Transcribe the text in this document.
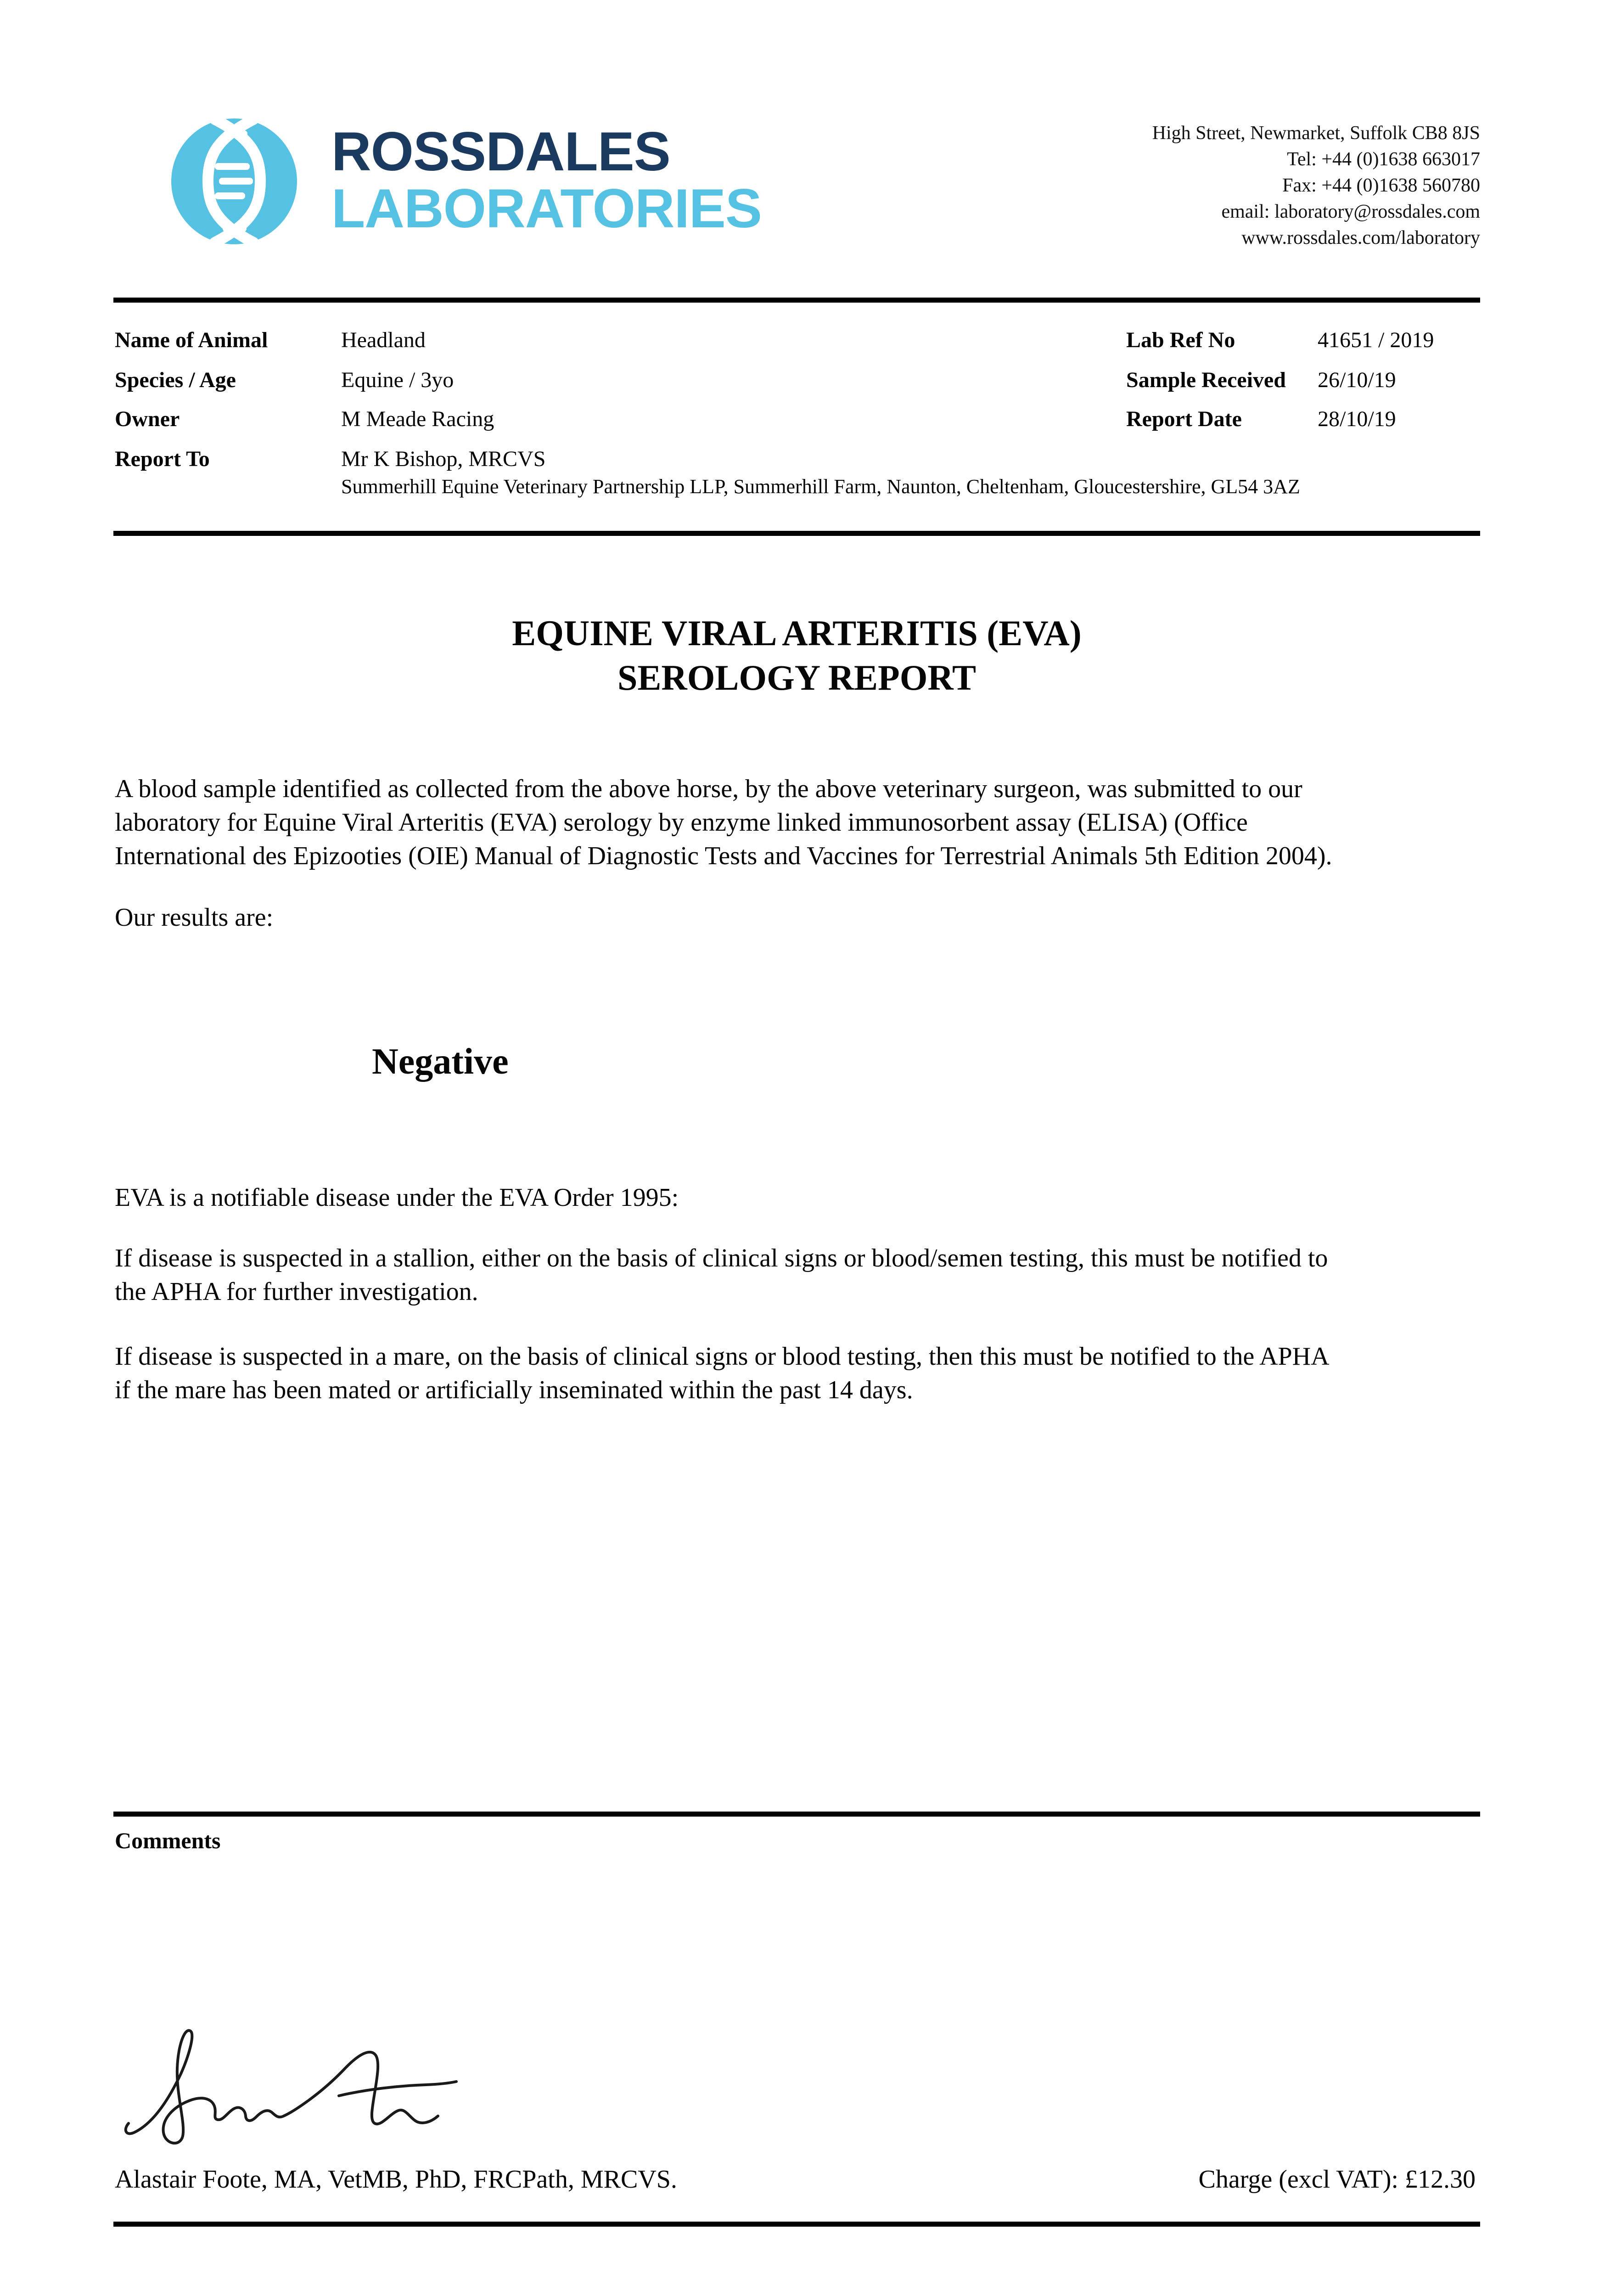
ROSSDALES
LABORATORIES
High Street, Newmarket, Suffolk CB8 8JS
Tel: +44 (0)1638 663017
Fax: +44 (0)1638 560780
email: laboratory@rossdales.com
www.rossdales.com/laboratory
Name of Animal	Headland	Lab Ref No	41651 / 2019
Species / Age	Equine / 3yo	Sample Received 26/10/19
Owner	M Meade Racing	Report Date	28/10/19
Report To	Mr K Bishop, MRCVS
Summerhill Equine Veterinary Partnership LLP, Summerhill Farm, Naunton, Cheltenham, Gloucestershire, GL54 3AZ
EQUINE VIRAL ARTERITIS (EVA)
SEROLOGY REPORT
A blood sample identified as collected from the above horse, by the above veterinary surgeon, was submitted to our
laboratory for Equine Viral Arteritis (EVA) serology by enzyme linked immunosorbent assay (ELISA) (Office
International des Epizooties (OIE) Manual of Diagnostic Tests and Vaccines for Terrestrial Animals 5th Edition 2004).
Our results are:
Negative
EVA is a notifiable disease under the EVA Order 1995:
If disease is suspected in a stallion, either on the basis of clinical signs or blood/semen testing, this must be notified to
the APHA for further investigation.
If disease is suspected in a mare, on the basis of clinical signs or blood testing, then this must be notified to the APHA
if the mare has been mated or artificially inseminated within the past 14 days.
Comments
Alastair Foote, MA, VetMB, PhD, FRCPath, MRCVS.	Charge (excl VAT): £12.30
